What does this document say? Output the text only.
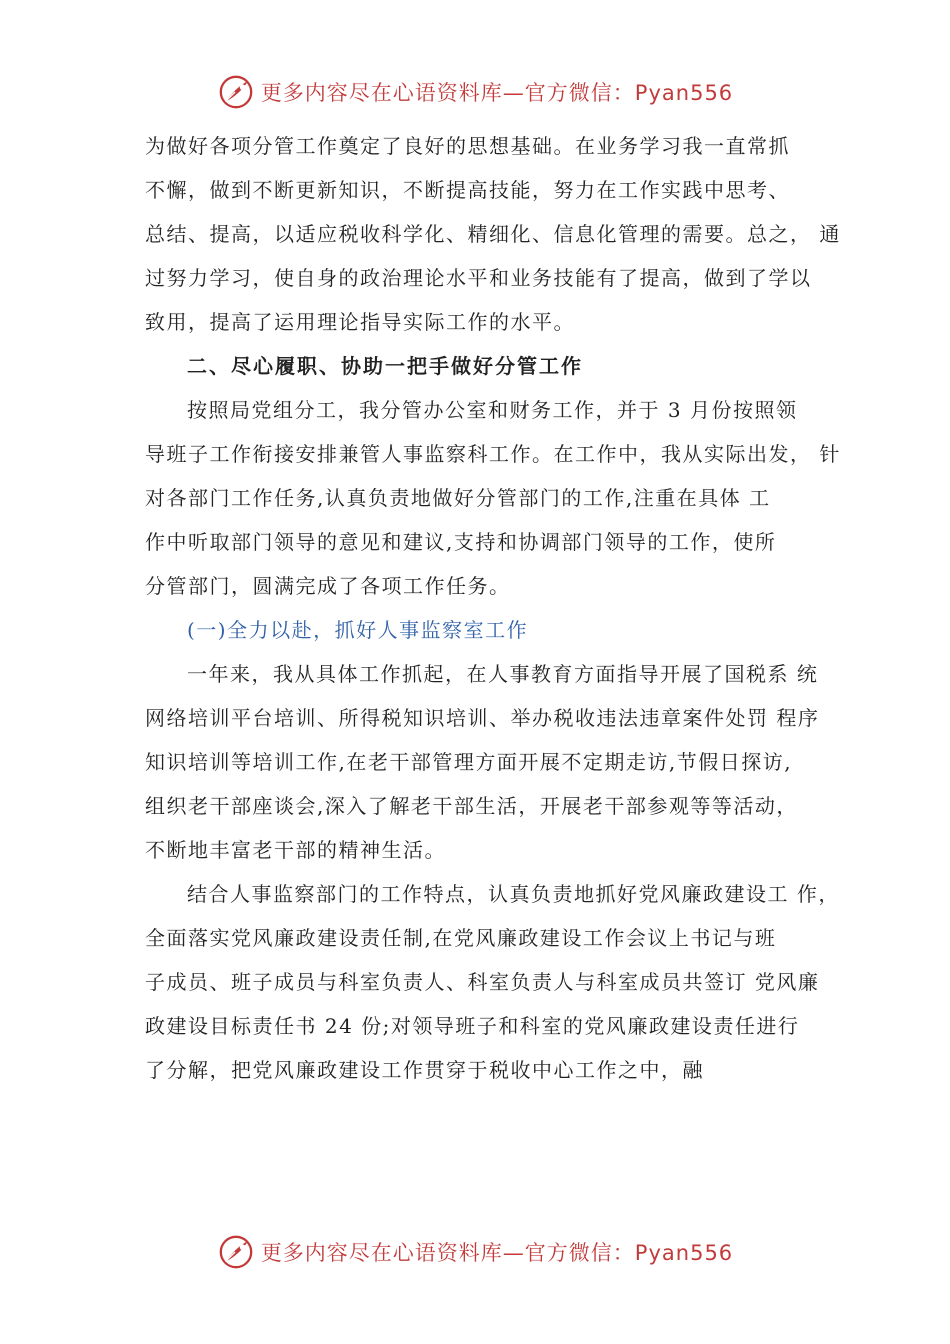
更多内容尽在心语资料库—官方微信：Pyan556
为做好各项分管工作奠定了良好的思想基础。在业务学习我一直常抓
不懈，做到不断更新知识，不断提高技能，努力在工作实践中思考、
总结、提高，以适应税收科学化、精细化、信息化管理的需要。总之， 通
过努力学习，使自身的政治理论水平和业务技能有了提高，做到了学以
致用，提高了运用理论指导实际工作的水平。
二、尽心履职、协助一把手做好分管工作
按照局党组分工，我分管办公室和财务工作，并于 3 月份按照领
导班子工作衔接安排兼管人事监察科工作。在工作中，我从实际出发， 针
对各部门工作任务,认真负责地做好分管部门的工作,注重在具体 工
作中听取部门领导的意见和建议,支持和协调部门领导的工作，使所
分管部门，圆满完成了各项工作任务。
(一)全力以赴，抓好人事监察室工作
一年来，我从具体工作抓起，在人事教育方面指导开展了国税系 统
网络培训平台培训、所得税知识培训、举办税收违法违章案件处罚 程序
知识培训等培训工作,在老干部管理方面开展不定期走访,节假日探访,
组织老干部座谈会,深入了解老干部生活，开展老干部参观等等活动，
不断地丰富老干部的精神生活。
结合人事监察部门的工作特点，认真负责地抓好党风廉政建设工 作，
全面落实党风廉政建设责任制,在党风廉政建设工作会议上书记与班
子成员、班子成员与科室负责人、科室负责人与科室成员共签订 党风廉
政建设目标责任书 24 份;对领导班子和科室的党风廉政建设责任进行
了分解，把党风廉政建设工作贯穿于税收中心工作之中，融
更多内容尽在心语资料库—官方微信：Pyan556
